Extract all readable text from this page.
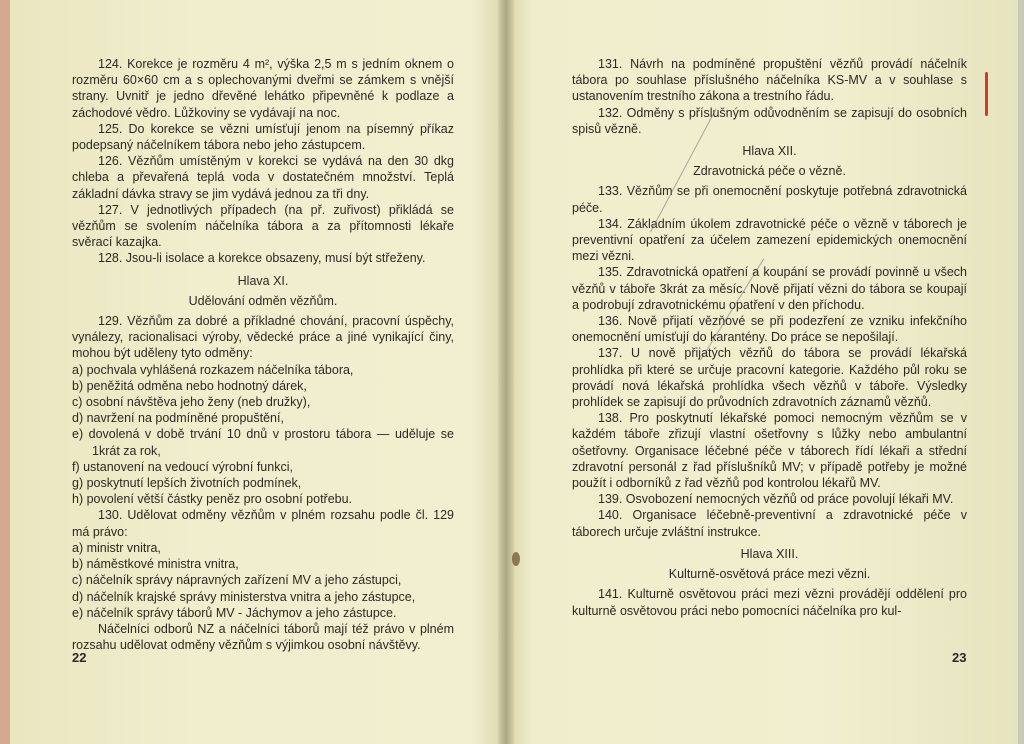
124. Korekce je rozměru 4 m², výška 2,5 m s jedním oknem o rozměru 60×60 cm a s oplechovanými dveřmi se zámkem s vnější strany. Uvnitř je jedno dřevěné lehátko připevněné k podlaze a záchodové vědro. Lůžkoviny se vydávají na noc.

125. Do korekce se vězni umísťují jenom na písemný příkaz podepsaný náčelníkem tábora nebo jeho zástupcem.

126. Vězňům umístěným v korekci se vydává na den 30 dkg chleba a převařená teplá voda v dostatečném množství. Teplá základní dávka stravy se jim vydává jednou za tři dny.

127. V jednotlivých případech (na př. zuřivost) přikládá se vězňům se svolením náčelníka tábora a za přítomnosti lékaře svěrací kazajka.

128. Jsou-li isolace a korekce obsazeny, musí být střeženy.

Hlava XI.

Udělování odměn vězňům.

129. Vězňům za dobré a příkladné chování, pracovní úspěchy, vynálezy, racionalisaci výroby, vědecké práce a jiné vynikající činy, mohou být uděleny tyto odměny:

a) pochvala vyhlášená rozkazem náčelníka tábora,

b) peněžitá odměna nebo hodnotný dárek,

c) osobní návštěva jeho ženy (neb družky),

d) navržení na podmíněné propuštění,

e) dovolená v době trvání 10 dnů v prostoru tábora — uděluje se 1krát za rok,

f) ustanovení na vedoucí výrobní funkci,

g) poskytnutí lepších životních podmínek,

h) povolení větší částky peněz pro osobní potřebu.

130. Udělovat odměny vězňům v plném rozsahu podle čl. 129 má právo:

a) ministr vnitra,

b) náměstkové ministra vnitra,

c) náčelník správy nápravných zařízení MV a jeho zástupci,

d) náčelník krajské správy ministerstva vnitra a jeho zástupce,

e) náčelník správy táborů MV - Jáchymov a jeho zástupce.

Náčelníci odborů NZ a náčelníci táborů mají též právo v plném rozsahu udělovat odměny vězňům s výjimkou osobní návštěvy.

22

131. Návrh na podmíněné propuštění vězňů provádí náčelník tábora po souhlase příslušného náčelníka KS-MV a v souhlase s ustanovením trestního zákona a trestního řádu.

132. Odměny s příslušným odůvodněním se zapisují do osobních spisů vězně.

Hlava XII.

Zdravotnická péče o vězně.

133. Vězňům se při onemocnění poskytuje potřebná zdravotnická péče.

134. Základním úkolem zdravotnické péče o vězně v táborech je preventivní opatření za účelem zamezení epidemických onemocnění mezi vězni.

135. Zdravotnická opatření a koupání se provádí povinně u všech vězňů v táboře 3krát za měsíc. Nově přijatí vězni do tábora se koupají a podrobují zdravotnickému opatření v den příchodu.

136. Nově přijatí vězňové se při podezření ze vzniku infekčního onemocnění umísťují do karantény. Do práce se nepošilají.

137. U nově přijatých vězňů do tábora se provádí lékařská prohlídka při které se určuje pracovní kategorie. Každého půl roku se provádí nová lékařská prohlídka všech vězňů v táboře. Výsledky prohlídek se zapisují do průvodních zdravotních záznamů vězňů.

138. Pro poskytnutí lékařské pomoci nemocným vězňům se v každém táboře zřizují vlastní ošetřovny s lůžky nebo ambulantní ošetřovny. Organisace léčebné péče v táborech řídí lékaři a střední zdravotní personál z řad příslušníků MV; v případě potřeby je možné použít i odborníků z řad vězňů pod kontrolou lékařů MV.

139. Osvobození nemocných vězňů od práce povolují lékaři MV.

140. Organisace léčebně-preventivní a zdravotnické péče v táborech určuje zvláštní instrukce.

Hlava XIII.

Kulturně-osvětová práce mezi vězni.

141. Kulturně osvětovou práci mezi vězni provádějí oddělení pro kulturně osvětovou práci nebo pomocníci náčelníka pro kul-

23
